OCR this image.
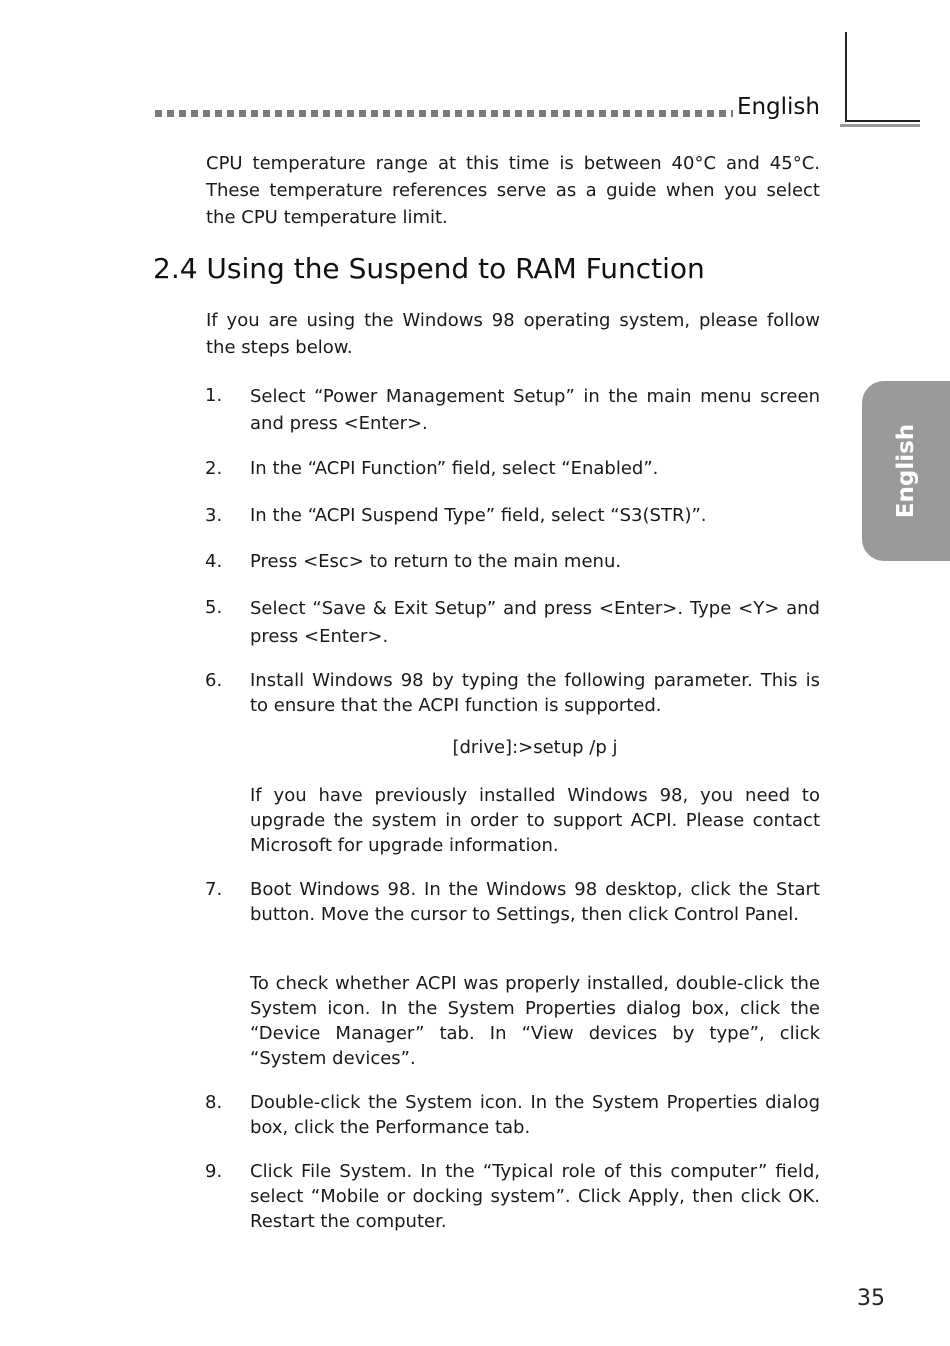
English
English
CPU temperature range at this time is between 40°C and 45°C. These temperature references serve as a guide when you select the CPU temperature limit.
2.4 Using the Suspend to RAM Function
If you are using the Windows 98 operating system, please follow the steps below.
1. Select “Power Management Setup” in the main menu screen and press <Enter>.
2. In the “ACPI Function” field, select “Enabled”.
3. In the “ACPI Suspend Type” field, select “S3(STR)”.
4. Press <Esc> to return to the main menu.
5. Select “Save & Exit Setup” and press <Enter>. Type <Y> and press <Enter>.
6. Install Windows 98 by typing the following parameter. This is to ensure that the ACPI function is supported.
[drive]:>setup /p j
If you have previously installed Windows 98, you need to upgrade the system in order to support ACPI. Please contact Microsoft for upgrade information.
7. Boot Windows 98. In the Windows 98 desktop, click the Start button. Move the cursor to Settings, then click Control Panel.
To check whether ACPI was properly installed, double-click the System icon. In the System Properties dialog box, click the “Device Manager” tab. In “View devices by type”, click “System devices”.
8. Double-click the System icon. In the System Properties dialog box, click the Performance tab.
9. Click File System. In the “Typical role of this computer” field, select “Mobile or docking system”. Click Apply, then click OK. Restart the computer.
35
